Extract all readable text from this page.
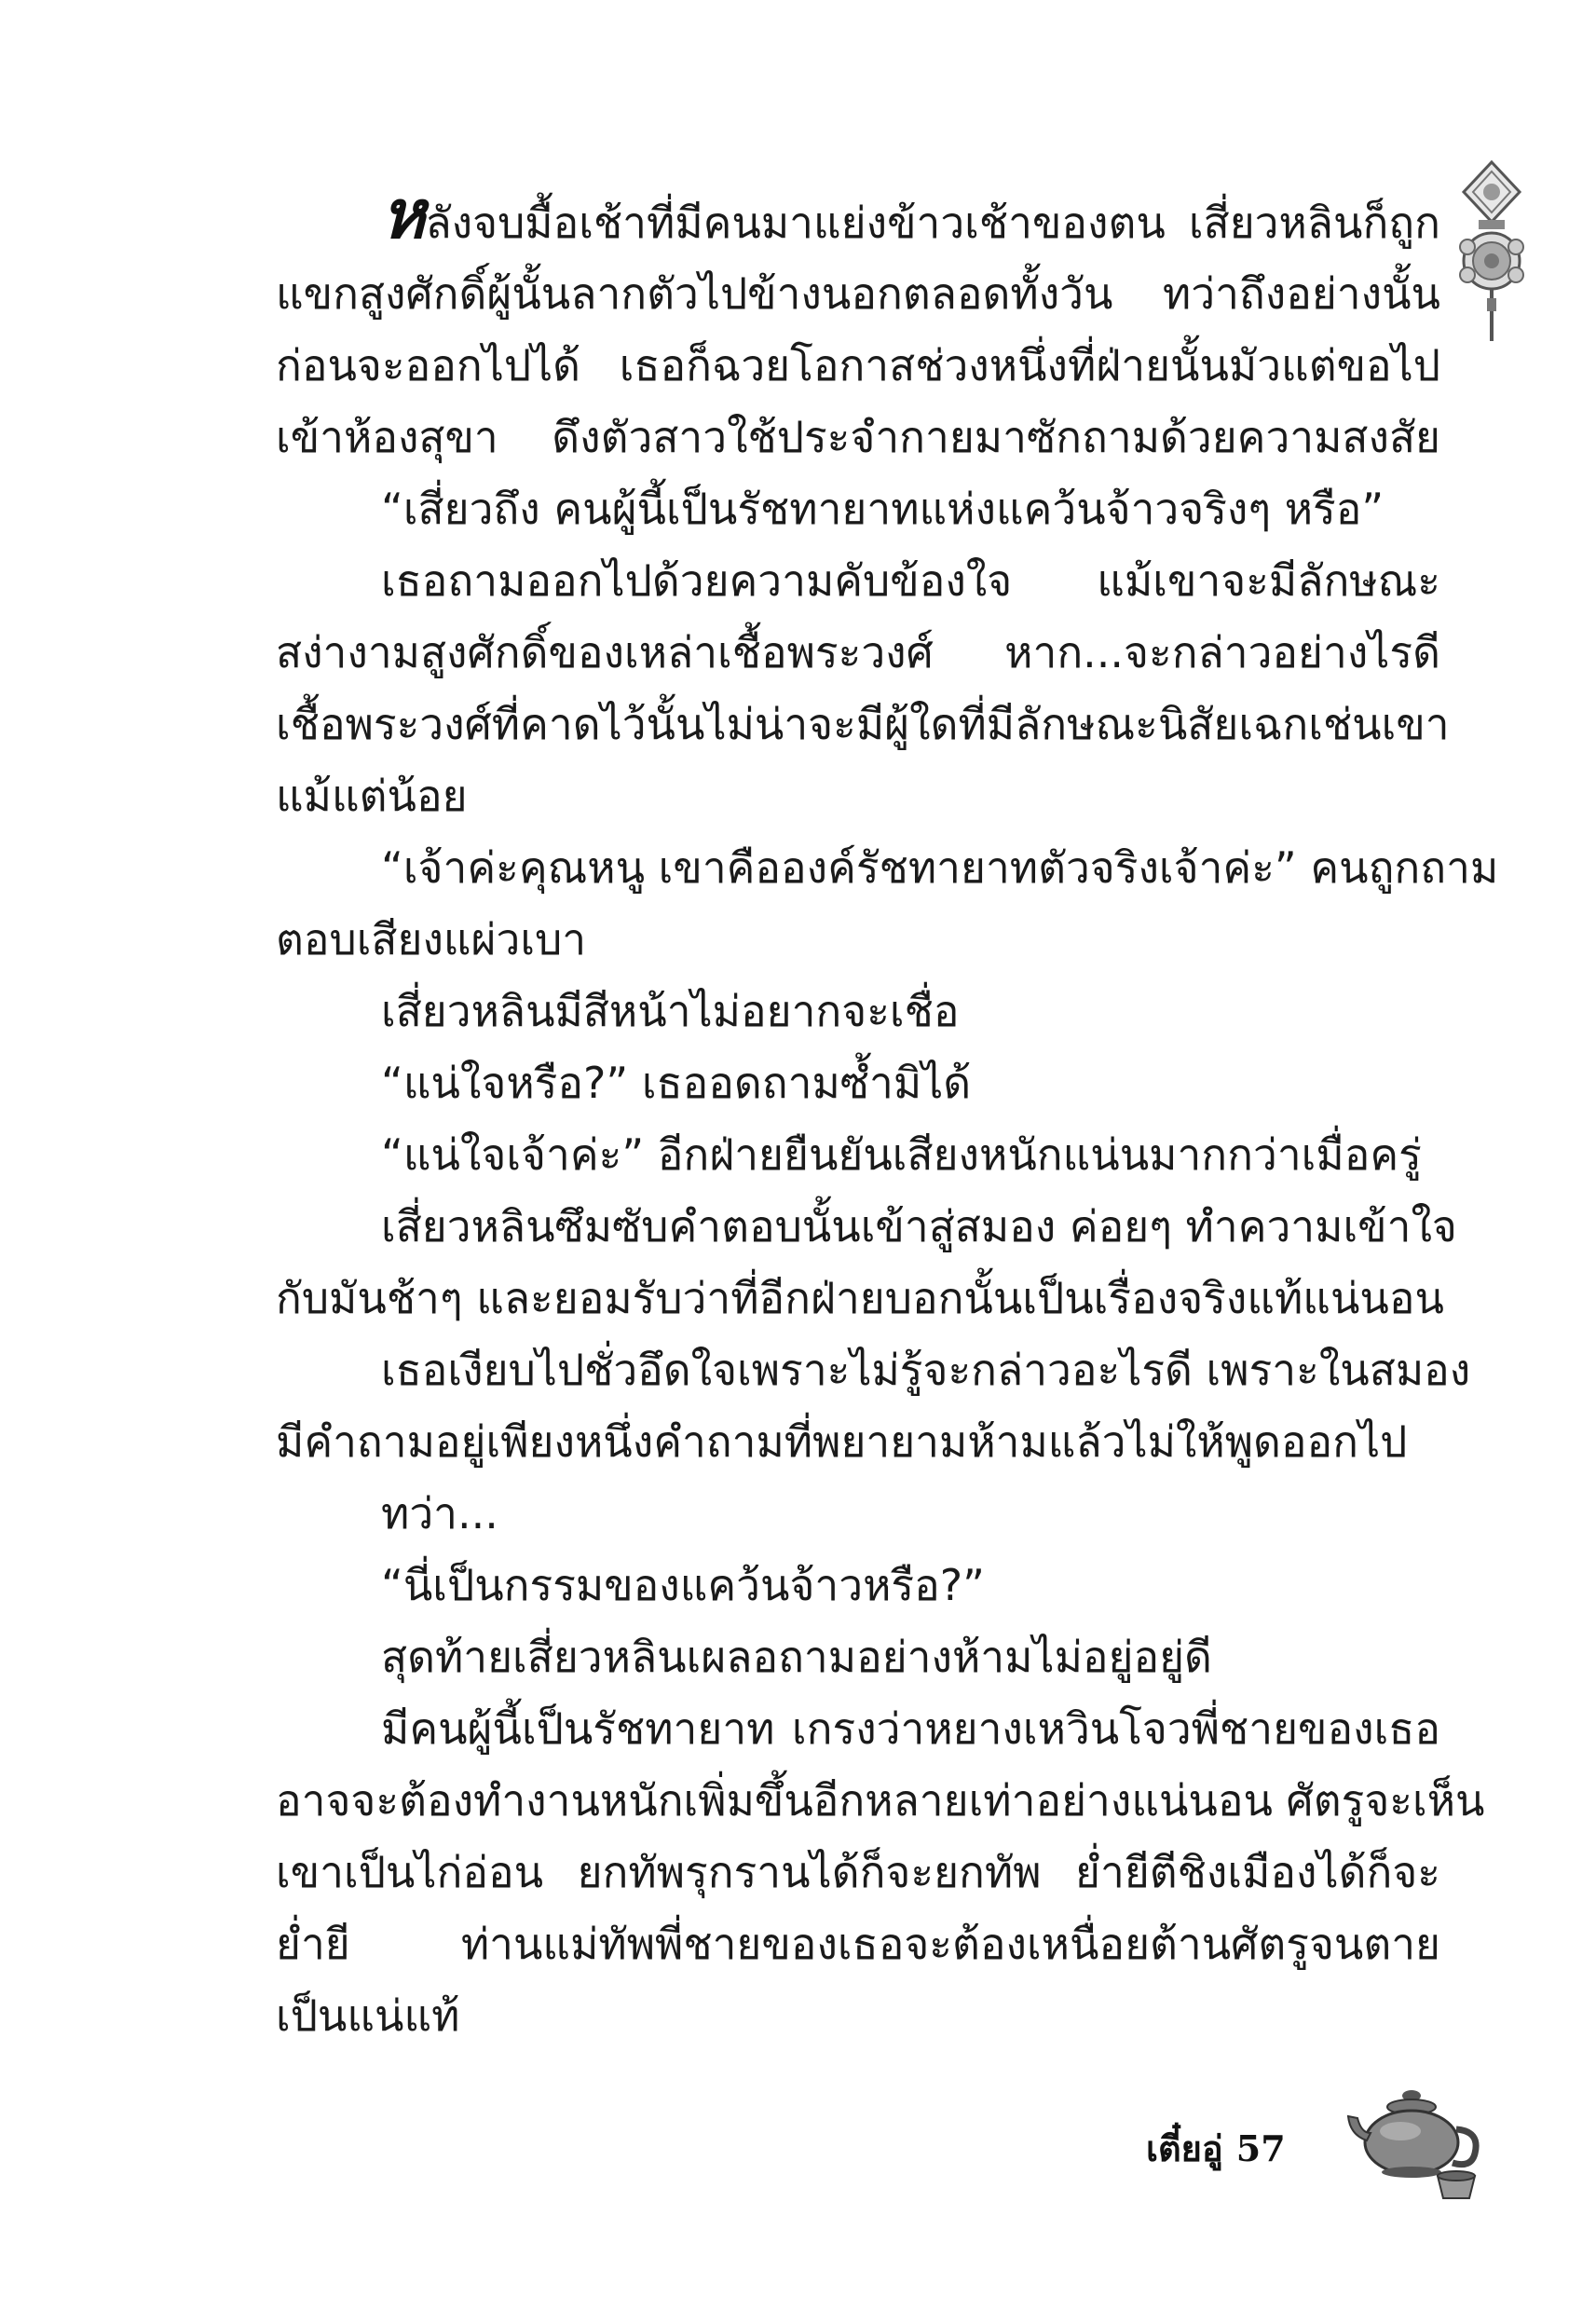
หลังจบมื้อเช้าที่มีคนมาแย่งข้าวเช้าของตน เสี่ยวหลินก็ถูก
แขกสูงศักดิ์ผู้นั้นลากตัวไปข้างนอกตลอดทั้งวัน ทว่าถึงอย่างนั้น
ก่อนจะออกไปได้ เธอก็ฉวยโอกาสช่วงหนึ่งที่ฝ่ายนั้นมัวแต่ขอไป
เข้าห้องสุขา ดึงตัวสาวใช้ประจำกายมาซักถามด้วยความสงสัย
“เสี่ยวถึง คนผู้นี้เป็นรัชทายาทแห่งแคว้นจ้าวจริงๆ หรือ”
เธอถามออกไปด้วยความคับข้องใจ แม้เขาจะมีลักษณะ
สง่างามสูงศักดิ์ของเหล่าเชื้อพระวงศ์ หาก...จะกล่าวอย่างไรดี
เชื้อพระวงศ์ที่คาดไว้นั้นไม่น่าจะมีผู้ใดที่มีลักษณะนิสัยเฉกเช่นเขา
แม้แต่น้อย
“เจ้าค่ะคุณหนู เขาคือองค์รัชทายาทตัวจริงเจ้าค่ะ” คนถูกถาม
ตอบเสียงแผ่วเบา
เสี่ยวหลินมีสีหน้าไม่อยากจะเชื่อ
“แน่ใจหรือ?” เธออดถามซ้ำมิได้
“แน่ใจเจ้าค่ะ” อีกฝ่ายยืนยันเสียงหนักแน่นมากกว่าเมื่อครู่
เสี่ยวหลินซึมซับคำตอบนั้นเข้าสู่สมอง ค่อยๆ ทำความเข้าใจ
กับมันช้าๆ และยอมรับว่าที่อีกฝ่ายบอกนั้นเป็นเรื่องจริงแท้แน่นอน
เธอเงียบไปชั่วอึดใจเพราะไม่รู้จะกล่าวอะไรดี เพราะในสมอง
มีคำถามอยู่เพียงหนึ่งคำถามที่พยายามห้ามแล้วไม่ให้พูดออกไป
ทว่า...
“นี่เป็นกรรมของแคว้นจ้าวหรือ?”
สุดท้ายเสี่ยวหลินเผลอถามอย่างห้ามไม่อยู่อยู่ดี
มีคนผู้นี้เป็นรัชทายาท เกรงว่าหยางเหวินโจวพี่ชายของเธอ
อาจจะต้องทำงานหนักเพิ่มขึ้นอีกหลายเท่าอย่างแน่นอน ศัตรูจะเห็น
เขาเป็นไก่อ่อน ยกทัพรุกรานได้ก็จะยกทัพ ย่ำยีตีชิงเมืองได้ก็จะ
ย่ำยี ท่านแม่ทัพพี่ชายของเธอจะต้องเหนื่อยต้านศัตรูจนตาย
เป็นแน่แท้
เตี๋ยอู่ 57
